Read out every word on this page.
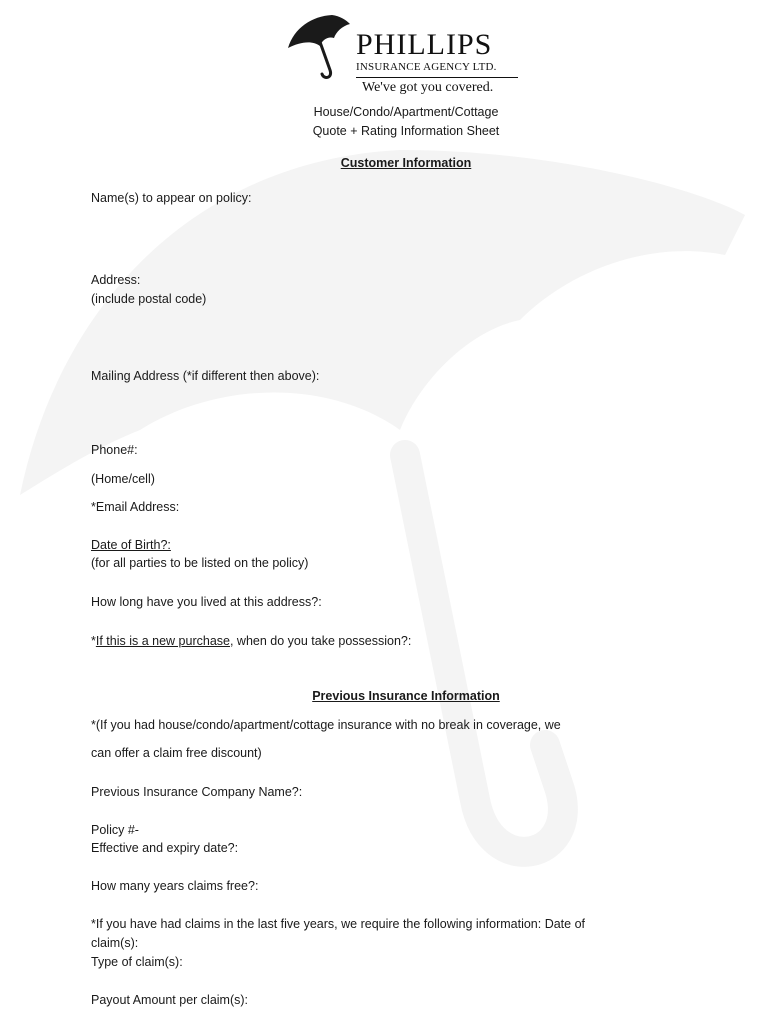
PHILLIPS
INSURANCE AGENCY LTD.
We've got you covered.
House/Condo/Apartment/Cottage
Quote + Rating Information Sheet
Customer Information
Name(s) to appear on policy:
Address:
(include postal code)
Mailing Address (*if different then above):
Phone#:
(Home/cell)
*Email Address:
Date of Birth?:
(for all parties to be listed on the policy)
How long have you lived at this address?:
*If this is a new purchase, when do you take possession?:
Previous Insurance Information
*(If you had house/condo/apartment/cottage insurance with no break in coverage, we
can offer a claim free discount)
Previous Insurance Company Name?:
Policy #-
Effective and expiry date?:
How many years claims free?:
*If you have had claims in the last five years, we require the following information: Date of
claim(s):
Type of claim(s):
Payout Amount per claim(s):
